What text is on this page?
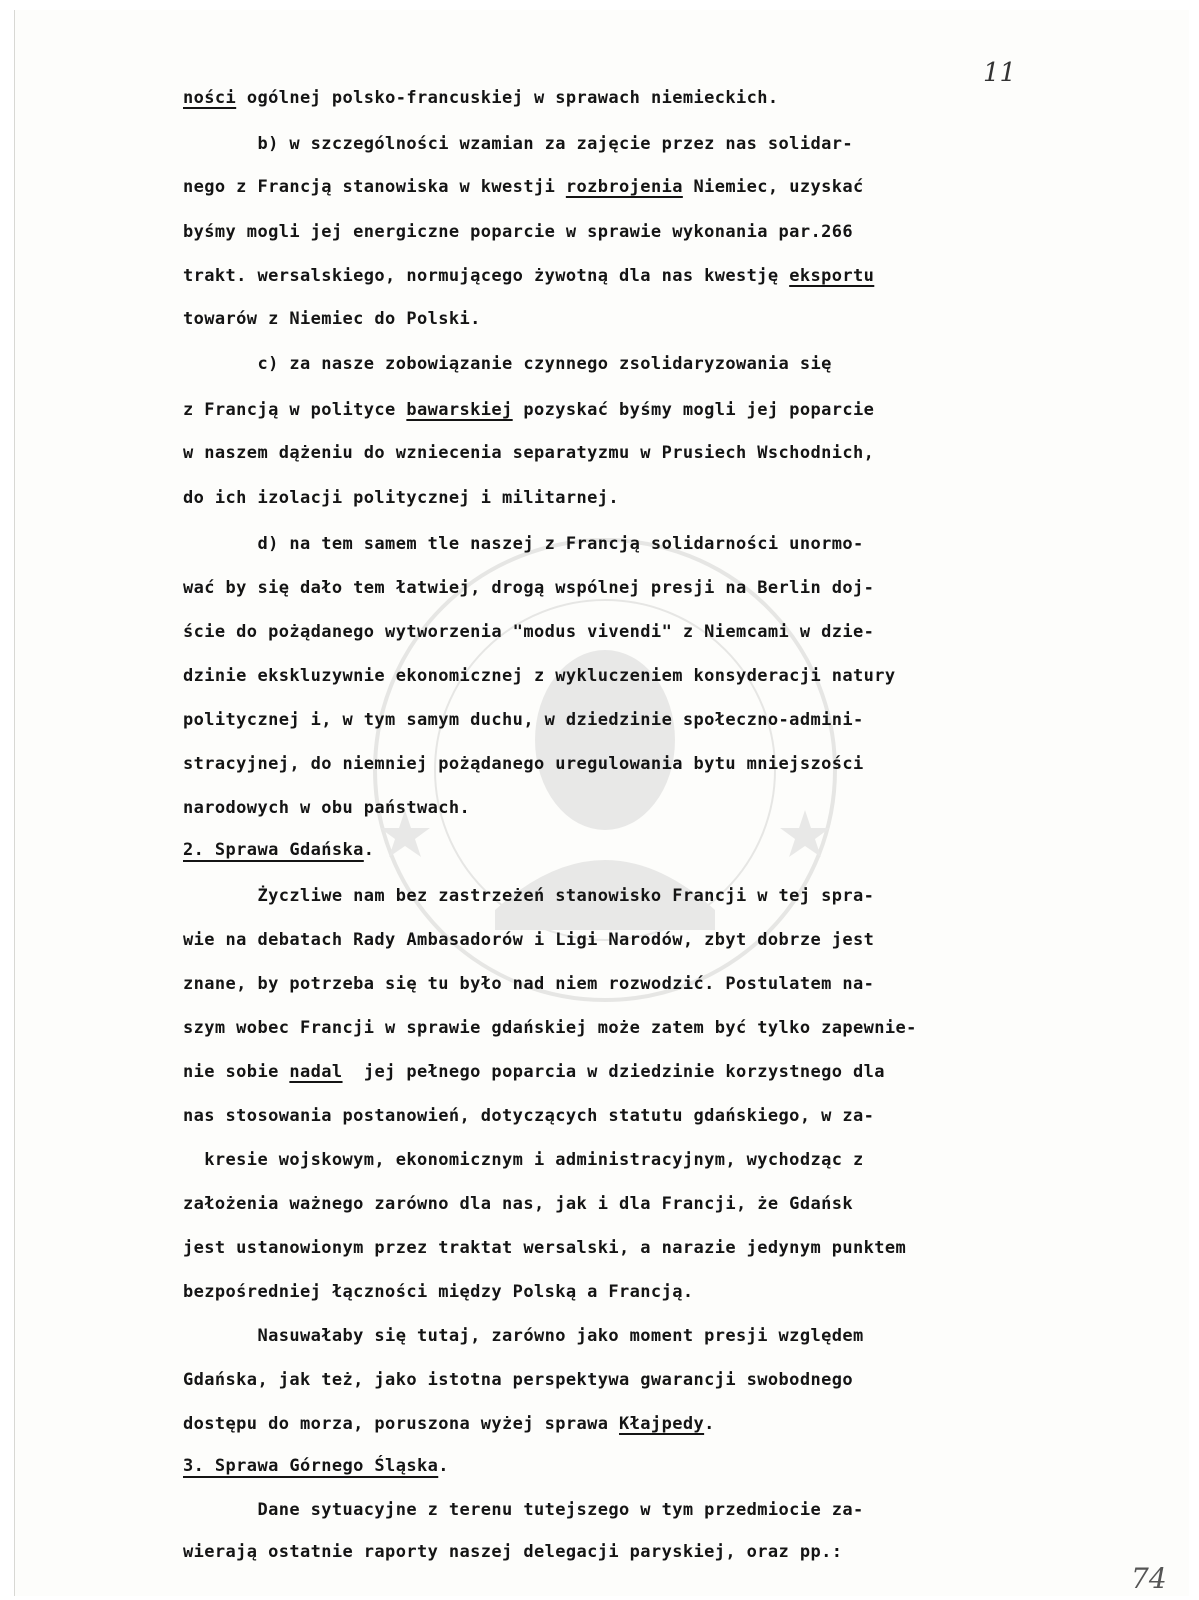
11
74
ności ogólnej polsko-francuskiej w sprawach niemieckich.
b) w szczególności wzamian za zajęcie przez nas solidar-
nego z Francją stanowiska w kwestji rozbrojenia Niemiec, uzyskać
byśmy mogli jej energiczne poparcie w sprawie wykonania par.266
trakt. wersalskiego, normującego żywotną dla nas kwestję eksportu
towarów z Niemiec do Polski.
c) za nasze zobowiązanie czynnego zsolidaryzowania się
z Francją w polityce bawarskiej pozyskać byśmy mogli jej poparcie
w naszem dążeniu do wzniecenia separatyzmu w Prusiech Wschodnich,
do ich izolacji politycznej i militarnej.
d) na tem samem tle naszej z Francją solidarności unormo-
wać by się dało tem łatwiej, drogą wspólnej presji na Berlin doj-
ście do pożądanego wytworzenia "modus vivendi" z Niemcami w dzie-
dzinie ekskluzywnie ekonomicznej z wykluczeniem konsyderacji natury
politycznej i, w tym samym duchu, w dziedzinie społeczno-admini-
stracyjnej, do niemniej pożądanego uregulowania bytu mniejszości
narodowych w obu państwach.
2. Sprawa Gdańska.
Życzliwe nam bez zastrzeżeń stanowisko Francji w tej spra-
wie na debatach Rady Ambasadorów i Ligi Narodów, zbyt dobrze jest
znane, by potrzeba się tu było nad niem rozwodzić. Postulatem na-
szym wobec Francji w sprawie gdańskiej może zatem być tylko zapewnie-
nie sobie nadal  jej pełnego poparcia w dziedzinie korzystnego dla
nas stosowania postanowień, dotyczących statutu gdańskiego, w za-
kresie wojskowym, ekonomicznym i administracyjnym, wychodząc z
założenia ważnego zarówno dla nas, jak i dla Francji, że Gdańsk
jest ustanowionym przez traktat wersalski, a narazie jedynym punktem
bezpośredniej łączności między Polską a Francją.
Nasuwałaby się tutaj, zarówno jako moment presji względem
Gdańska, jak też, jako istotna perspektywa gwarancji swobodnego
dostępu do morza, poruszona wyżej sprawa Kłajpedy.
3. Sprawa Górnego Śląska.
Dane sytuacyjne z terenu tutejszego w tym przedmiocie za-
wierają ostatnie raporty naszej delegacji paryskiej, oraz pp.:
